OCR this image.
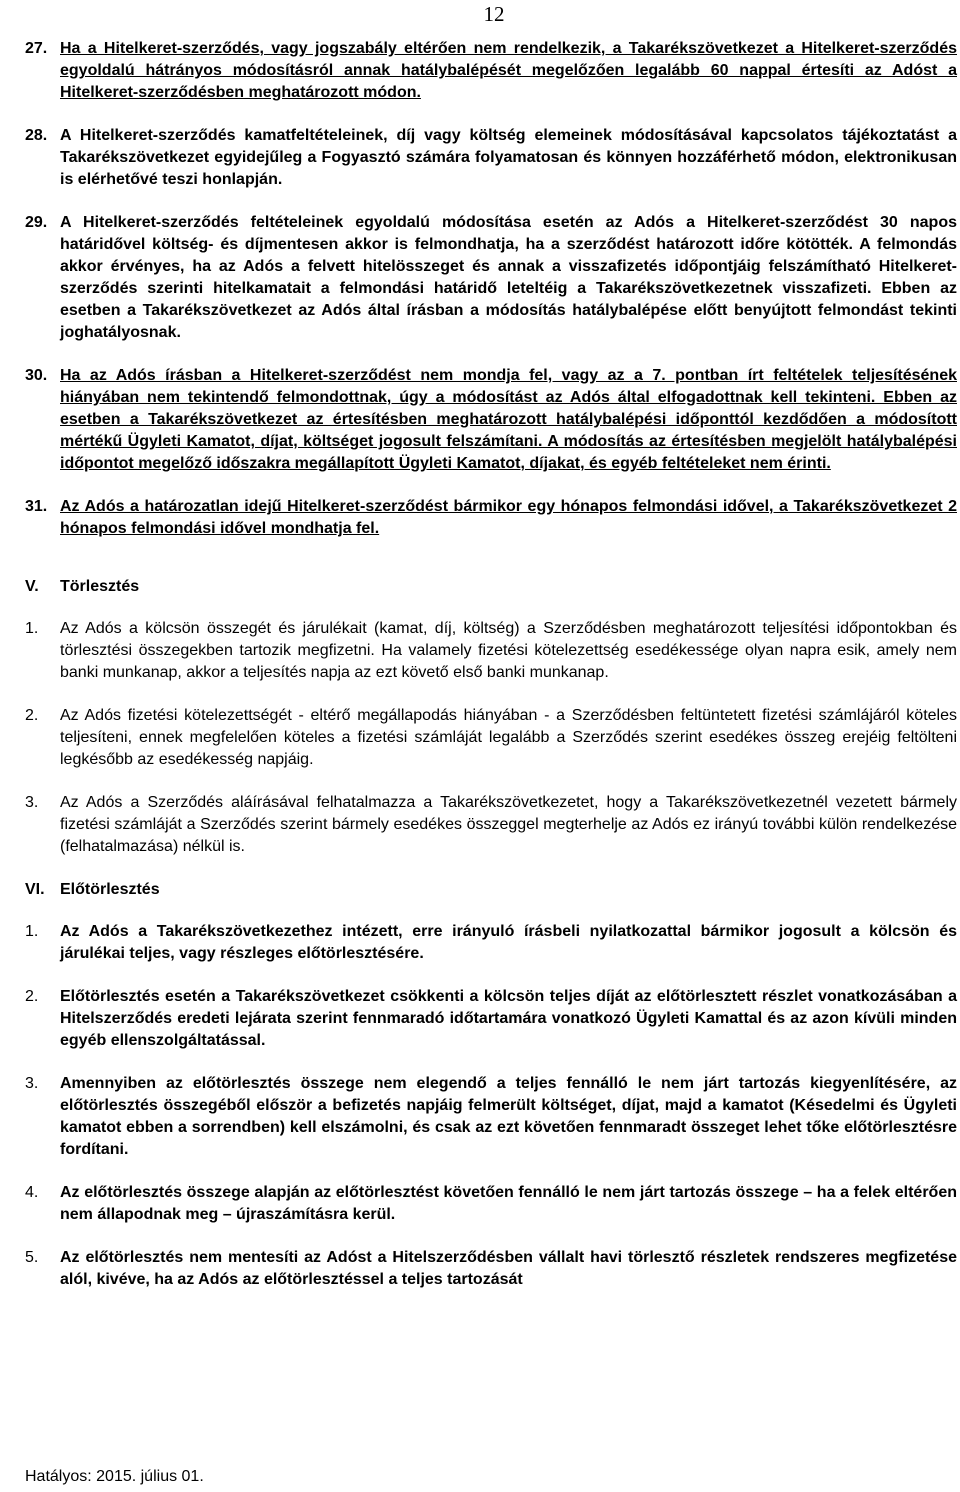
12
27. Ha a Hitelkeret-szerződés, vagy jogszabály eltérően nem rendelkezik, a Takarékszövetkezet a Hitelkeret-szerződés egyoldalú hátrányos módosításról annak hatálybalépését megelőzően legalább 60 nappal értesíti az Adóst a Hitelkeret-szerződésben meghatározott módon.
28. A Hitelkeret-szerződés kamatfeltételeinek, díj vagy költség elemeinek módosításával kapcsolatos tájékoztatást a Takarékszövetkezet egyidejűleg a Fogyasztó számára folyamatosan és könnyen hozzáférhető módon, elektronikusan is elérhetővé teszi honlapján.
29. A Hitelkeret-szerződés feltételeinek egyoldalú módosítása esetén az Adós a Hitelkeret-szerződést 30 napos határidővel költség- és díjmentesen akkor is felmondhatja, ha a szerződést határozott időre kötötték. A felmondás akkor érvényes, ha az Adós a felvett hitelösszeget és annak a visszafizetés időpontjáig felszámítható Hitelkeret-szerződés szerinti hitelkamatait a felmondási határidő leteltéig a Takarékszövetkezetnek visszafizeti. Ebben az esetben a Takarékszövetkezet az Adós által írásban a módosítás hatálybalépése előtt benyújtott felmondást tekinti joghatályosnak.
30. Ha az Adós írásban a Hitelkeret-szerződést nem mondja fel, vagy az a 7. pontban írt feltételek teljesítésének hiányában nem tekintendő felmondottnak, úgy a módosítást az Adós által elfogadottnak kell tekinteni. Ebben az esetben a Takarékszövetkezet az értesítésben meghatározott hatálybalépési időponttól kezdődően a módosított mértékű Ügyleti Kamatot, díjat, költséget jogosult felszámítani. A módosítás az értesítésben megjelölt hatálybalépési időpontot megelőző időszakra megállapított Ügyleti Kamatot, díjakat, és egyéb feltételeket nem érinti.
31. Az Adós a határozatlan idejű Hitelkeret-szerződést bármikor egy hónapos felmondási idővel, a Takarékszövetkezet 2 hónapos felmondási idővel mondhatja fel.
V.	Törlesztés
1.	Az Adós a kölcsön összegét és járulékait (kamat, díj, költség) a Szerződésben meghatározott teljesítési időpontokban és törlesztési összegekben tartozik megfizetni. Ha valamely fizetési kötelezettség esedékessége olyan napra esik, amely nem banki munkanap, akkor a teljesítés napja az ezt követő első banki munkanap.
2.	Az Adós fizetési kötelezettségét - eltérő megállapodás hiányában - a Szerződésben feltüntetett fizetési számlájáról köteles teljesíteni, ennek megfelelően köteles a fizetési számláját legalább a Szerződés szerint esedékes összeg erejéig feltölteni legkésőbb az esedékesség napjáig.
3.	Az Adós a Szerződés aláírásával felhatalmazza a Takarékszövetkezetet, hogy a Takarékszövetkezetnél vezetett bármely fizetési számláját a Szerződés szerint bármely esedékes összeggel megterhelje az Adós ez irányú további külön rendelkezése (felhatalmazása) nélkül is.
VI. Előtörlesztés
1.	Az Adós a Takarékszövetkezethez intézett, erre irányuló írásbeli nyilatkozattal bármikor jogosult a kölcsön és járulékai teljes, vagy részleges előtörlesztésére.
2.	Előtörlesztés esetén a Takarékszövetkezet csökkenti a kölcsön teljes díját az előtörlesztett részlet vonatkozásában a Hitelszerződés eredeti lejárata szerint fennmaradó időtartamára vonatkozó Ügyleti Kamattal és az azon kívüli minden egyéb ellenszolgáltatással.
3.	Amennyiben az előtörlesztés összege nem elegendő a teljes fennálló le nem járt tartozás kiegyenlítésére, az előtörlesztés összegéből először a befizetés napjáig felmerült költséget, díjat, majd a kamatot (Késedelmi és Ügyleti kamatot ebben a sorrendben) kell elszámolni, és csak az ezt követően fennmaradt összeget lehet tőke előtörlesztésre fordítani.
4.	Az előtörlesztés összege alapján az előtörlesztést követően fennálló le nem járt tartozás összege – ha a felek eltérően nem állapodnak meg – újraszámításra kerül.
5.	Az előtörlesztés nem mentesíti az Adóst a Hitelszerződésben vállalt havi törlesztő részletek rendszeres megfizetése alól, kivéve, ha az Adós az előtörlesztéssel a teljes tartozását
Hatályos: 2015. július 01.
